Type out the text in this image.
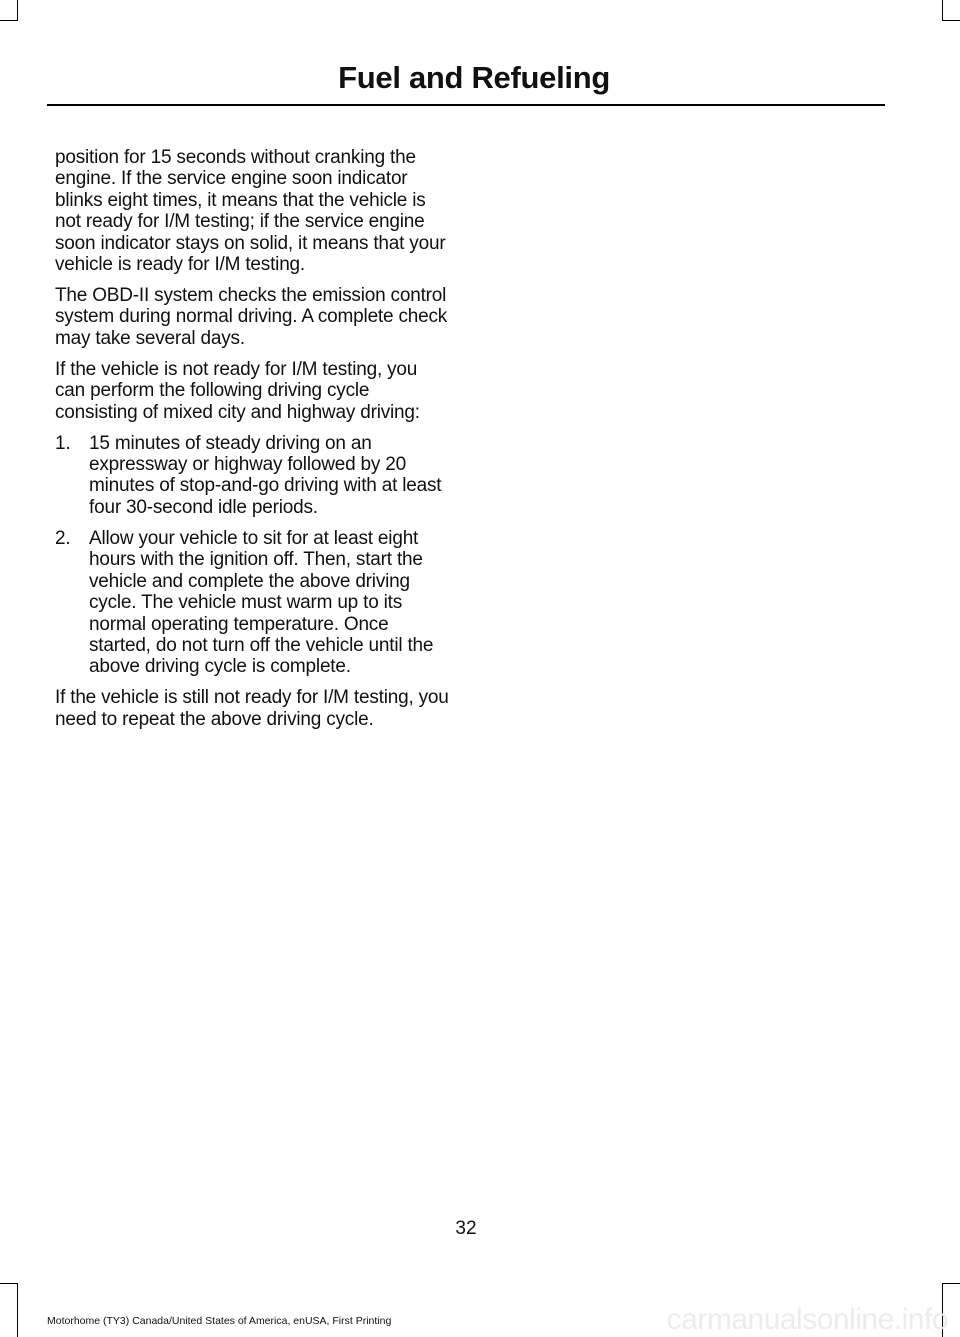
Fuel and Refueling

position for 15 seconds without cranking the engine. If the service engine soon indicator blinks eight times, it means that the vehicle is not ready for I/M testing; if the service engine soon indicator stays on solid, it means that your vehicle is ready for I/M testing.

The OBD-II system checks the emission control system during normal driving. A complete check may take several days.

If the vehicle is not ready for I/M testing, you can perform the following driving cycle consisting of mixed city and highway driving:

1. 15 minutes of steady driving on an expressway or highway followed by 20 minutes of stop-and-go driving with at least four 30-second idle periods.
2. Allow your vehicle to sit for at least eight hours with the ignition off. Then, start the vehicle and complete the above driving cycle. The vehicle must warm up to its normal operating temperature. Once started, do not turn off the vehicle until the above driving cycle is complete.

If the vehicle is still not ready for I/M testing, you need to repeat the above driving cycle.

32
Motorhome (TY3) Canada/United States of America, enUSA, First Printing	carmanualsonline.info
